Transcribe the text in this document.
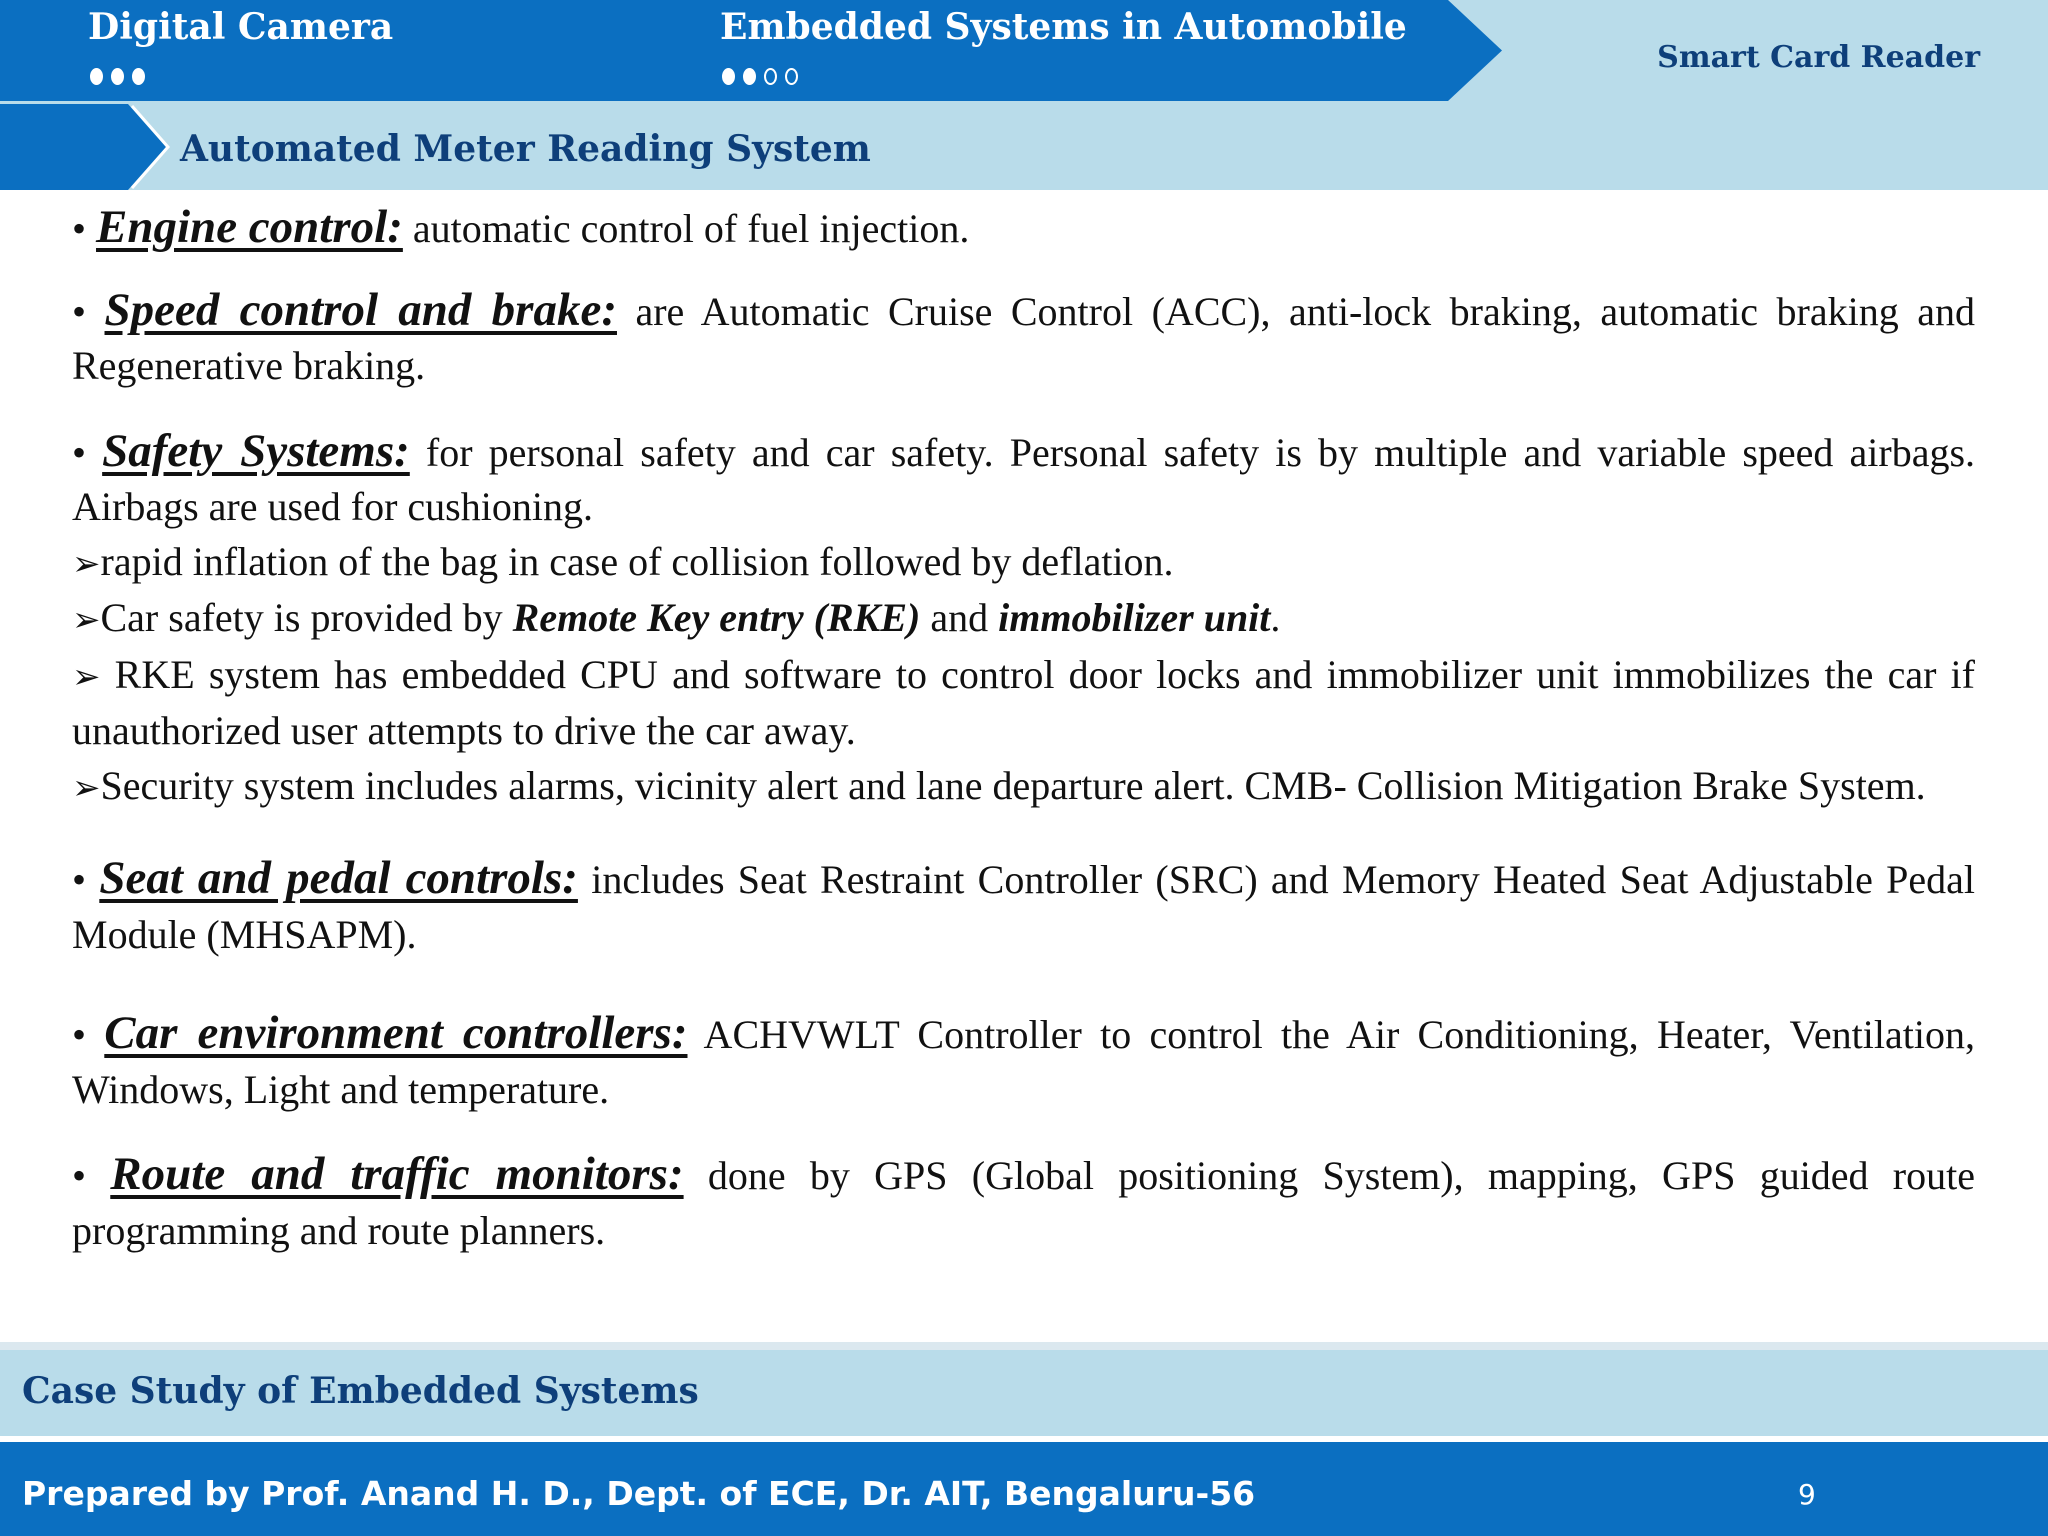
Digital Camera	Embedded Systems in Automobile
Smart Card Reader
Automated Meter Reading System

• Engine control: automatic control of fuel injection.

• Speed control and brake: are Automatic Cruise Control (ACC), anti-lock braking, automatic braking and Regenerative braking.

• Safety Systems: for personal safety and car safety. Personal safety is by multiple and variable speed airbags. Airbags are used for cushioning.

➢rapid inflation of the bag in case of collision followed by deflation.

➢Car safety is provided by Remote Key entry (RKE) and immobilizer unit.

➢ RKE system has embedded CPU and software to control door locks and immobilizer unit immobilizes the car if unauthorized user attempts to drive the car away.

➢Security system includes alarms, vicinity alert and lane departure alert. CMB- Collision Mitigation Brake System.

• Seat and pedal controls: includes Seat Restraint Controller (SRC) and Memory Heated Seat Adjustable Pedal Module (MHSAPM).

• Car environment controllers: ACHVWLT Controller to control the Air Conditioning, Heater, Ventilation, Windows, Light and temperature.

• Route and traffic monitors: done by GPS (Global positioning System), mapping, GPS guided route programming and route planners.

Case Study of Embedded Systems
Prepared by Prof. Anand H. D., Dept. of ECE, Dr. AIT, Bengaluru-56	9
